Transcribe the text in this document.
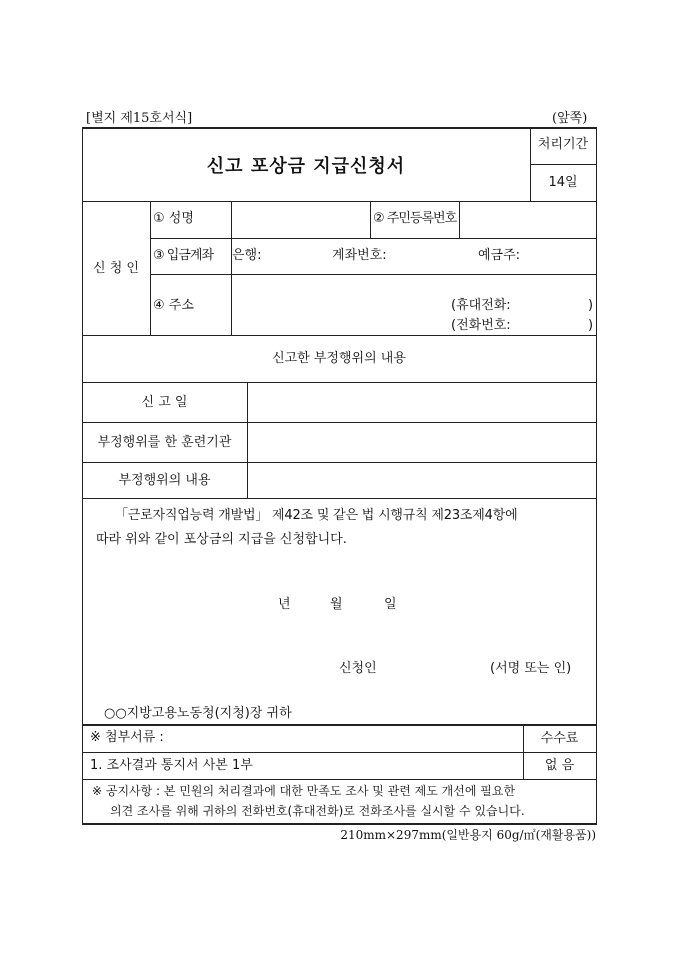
[별지 제15호서식]	(앞쪽)
신고 포상금 지급신청서
처리기간
14일
신 청 인
① 성명	② 주민등록번호
③ 입금계좌 은행:	계좌번호:	예금주:
④ 주소	(휴대전화:	)
(전화번호:	)
신고한 부정행위의 내용
신 고 일
부정행위를 한 훈련기관
부정행위의 내용
「근로자직업능력 개발법」 제42조 및 같은 법 시행규칙 제23조제4항에
따라 위와 같이 포상금의 지급을 신청합니다.
년	월	일
신청인	(서명 또는 인)
○○지방고용노동청(지청)장 귀하
※ 첨부서류 :	수수료
1. 조사결과 통지서 사본 1부	없 음
※ 공지사항 : 본 민원의 처리결과에 대한 만족도 조사 및 관련 제도 개선에 필요한
의견 조사를 위해 귀하의 전화번호(휴대전화)로 전화조사를 실시할 수 있습니다.
210mm×297mm(일반용지 60g/㎡(재활용품))
